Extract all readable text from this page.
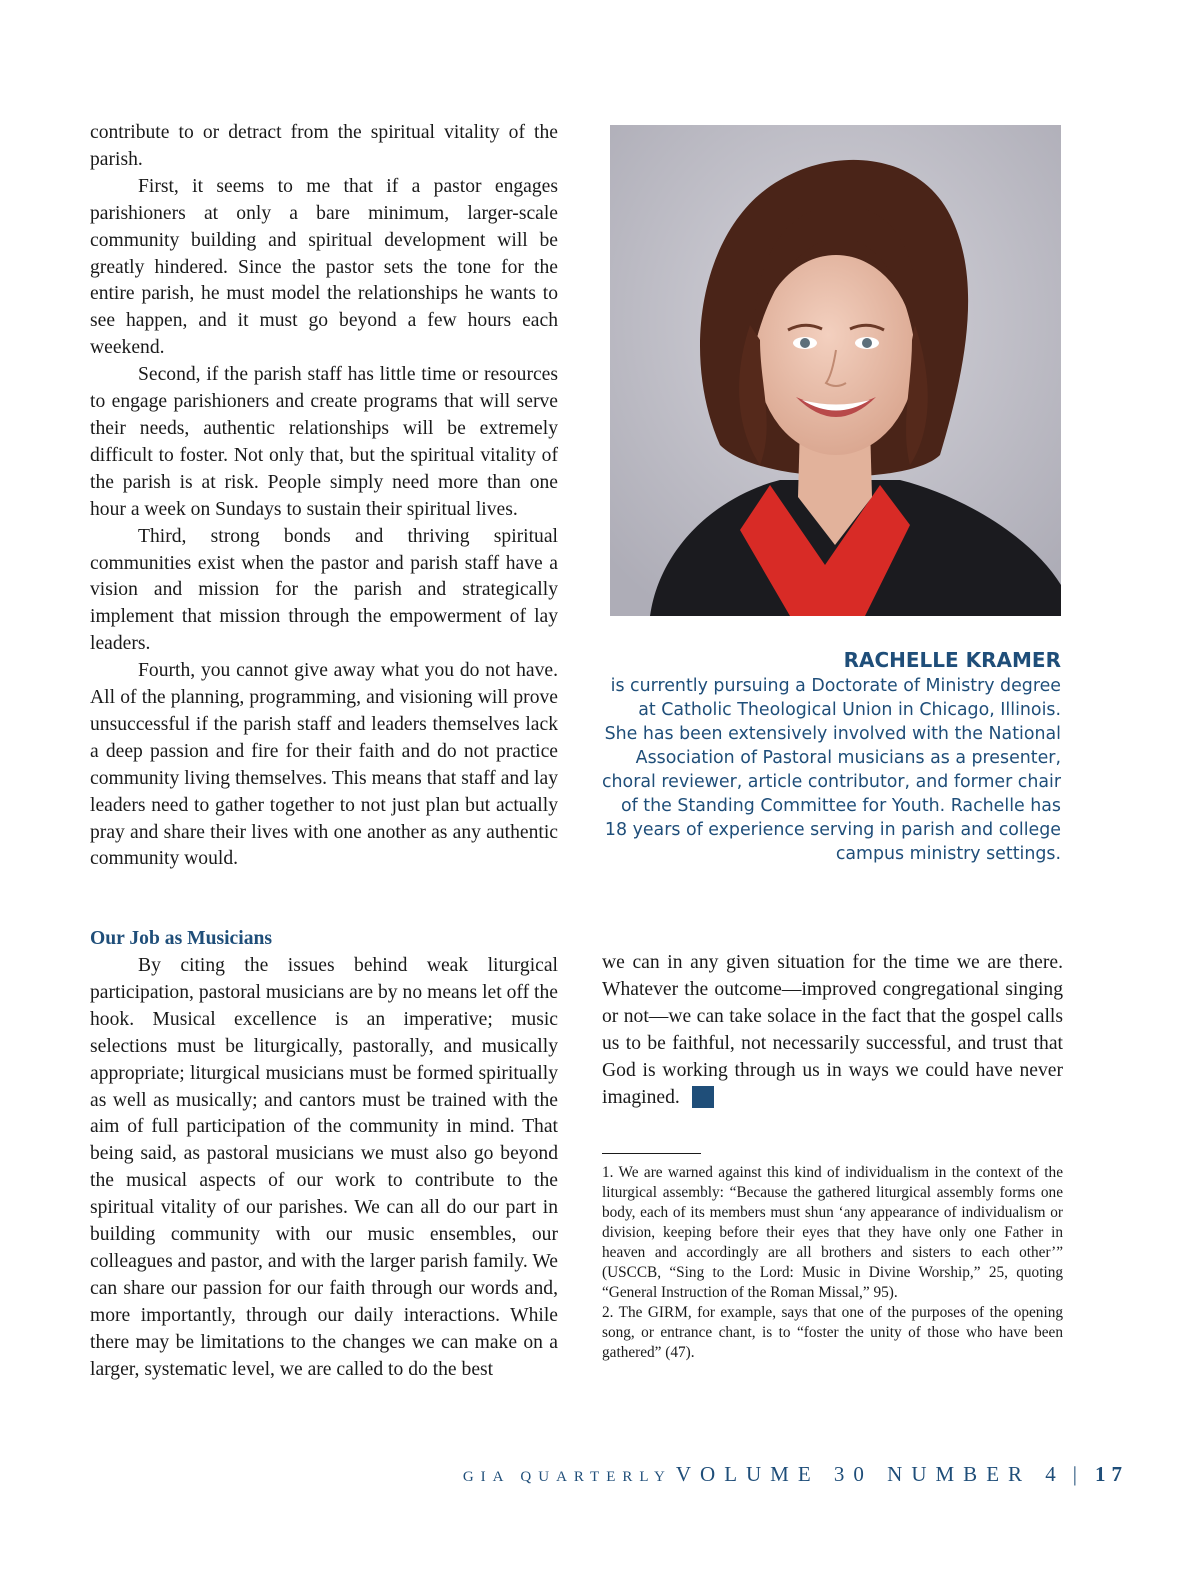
contribute to or detract from the spiritual vitality of the parish.

First, it seems to me that if a pastor engages parishioners at only a bare minimum, larger-scale community building and spiritual development will be greatly hindered. Since the pastor sets the tone for the entire parish, he must model the relationships he wants to see happen, and it must go beyond a few hours each weekend.

Second, if the parish staff has little time or resources to engage parishioners and create programs that will serve their needs, authentic relationships will be extremely difficult to foster. Not only that, but the spiritual vitality of the parish is at risk. People simply need more than one hour a week on Sundays to sustain their spiritual lives.

Third, strong bonds and thriving spiritual communities exist when the pastor and parish staff have a vision and mission for the parish and strategically implement that mission through the empowerment of lay leaders.

Fourth, you cannot give away what you do not have. All of the planning, programming, and visioning will prove unsuccessful if the parish staff and leaders themselves lack a deep passion and fire for their faith and do not practice community living themselves. This means that staff and lay leaders need to gather together to not just plan but actually pray and share their lives with one another as any authentic community would.

Our Job as Musicians

By citing the issues behind weak liturgical participation, pastoral musicians are by no means let off the hook. Musical excellence is an imperative; music selections must be liturgically, pastorally, and musically appropriate; liturgical musicians must be formed spiritually as well as musically; and cantors must be trained with the aim of full participation of the community in mind. That being said, as pastoral musicians we must also go beyond the musical aspects of our work to contribute to the spiritual vitality of our parishes. We can all do our part in building community with our music ensembles, our colleagues and pastor, and with the larger parish family. We can share our passion for our faith through our words and, more importantly, through our daily interactions. While there may be limitations to the changes we can make on a larger, systematic level, we are called to do the best

RACHELLE KRAMER
is currently pursuing a Doctorate of Ministry degree at Catholic Theological Union in Chicago, Illinois. She has been extensively involved with the National Association of Pastoral musicians as a presenter, choral reviewer, article contributor, and former chair of the Standing Committee for Youth. Rachelle has 18 years of experience serving in parish and college campus ministry settings.

we can in any given situation for the time we are there. Whatever the outcome—improved congregational singing or not—we can take solace in the fact that the gospel calls us to be faithful, not necessarily successful, and trust that God is working through us in ways we could have never imagined.

1. We are warned against this kind of individualism in the context of the liturgical assembly: “Because the gathered liturgical assembly forms one body, each of its members must shun ‘any appearance of individualism or division, keeping before their eyes that they have only one Father in heaven and accordingly are all brothers and sisters to each other’” (USCCB, “Sing to the Lord: Music in Divine Worship,” 25, quoting “General Instruction of the Roman Missal,” 95).

2. The GIRM, for example, says that one of the purposes of the opening song, or entrance chant, is to “foster the unity of those who have been gathered” (47).

GIA QUARTERLY VOLUME 30 NUMBER 4 | 17
